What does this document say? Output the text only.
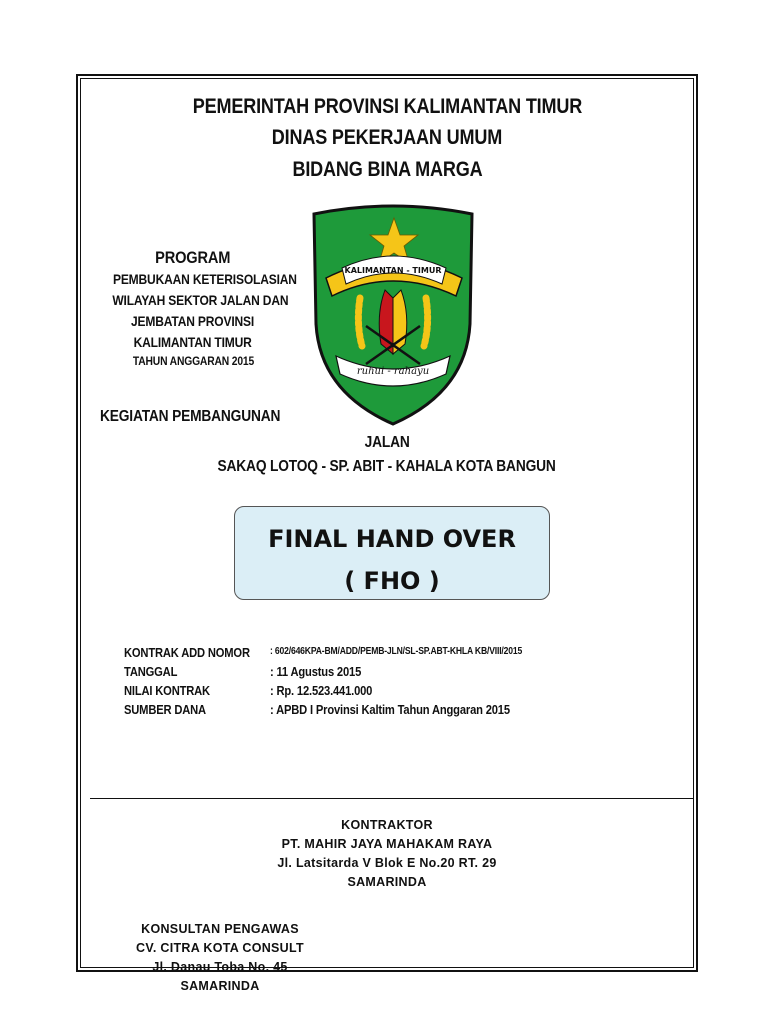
PEMERINTAH PROVINSI KALIMANTAN TIMUR
DINAS PEKERJAAN UMUM
BIDANG BINA MARGA
PROGRAM
PEMBUKAAN KETERISOLASIAN
WILAYAH SEKTOR JALAN DAN
JEMBATAN PROVINSI
KALIMANTAN TIMUR
TAHUN ANGGARAN 2015
KALIMANTAN - TIMUR
ruhui - rahayu
KEGIATAN PEMBANGUNAN
JALAN
SAKAQ LOTOQ - SP. ABIT - KAHALA KOTA BANGUN
FINAL HAND OVER
( FHO )
KONTRAK ADD NOMOR	: 602/646KPA-BM/ADD/PEMB-JLN/SL-SP.ABT-KHLA KB/VIII/2015
TANGGAL	: 11 Agustus 2015
NILAI KONTRAK	: Rp. 12.523.441.000
SUMBER DANA	: APBD I Provinsi Kaltim Tahun Anggaran 2015
KONTRAKTOR
PT. MAHIR JAYA MAHAKAM RAYA
Jl. Latsitarda V Blok E No.20 RT. 29
SAMARINDA
KONSULTAN PENGAWAS
CV. CITRA KOTA CONSULT
Jl. Danau Toba No. 45
SAMARINDA
